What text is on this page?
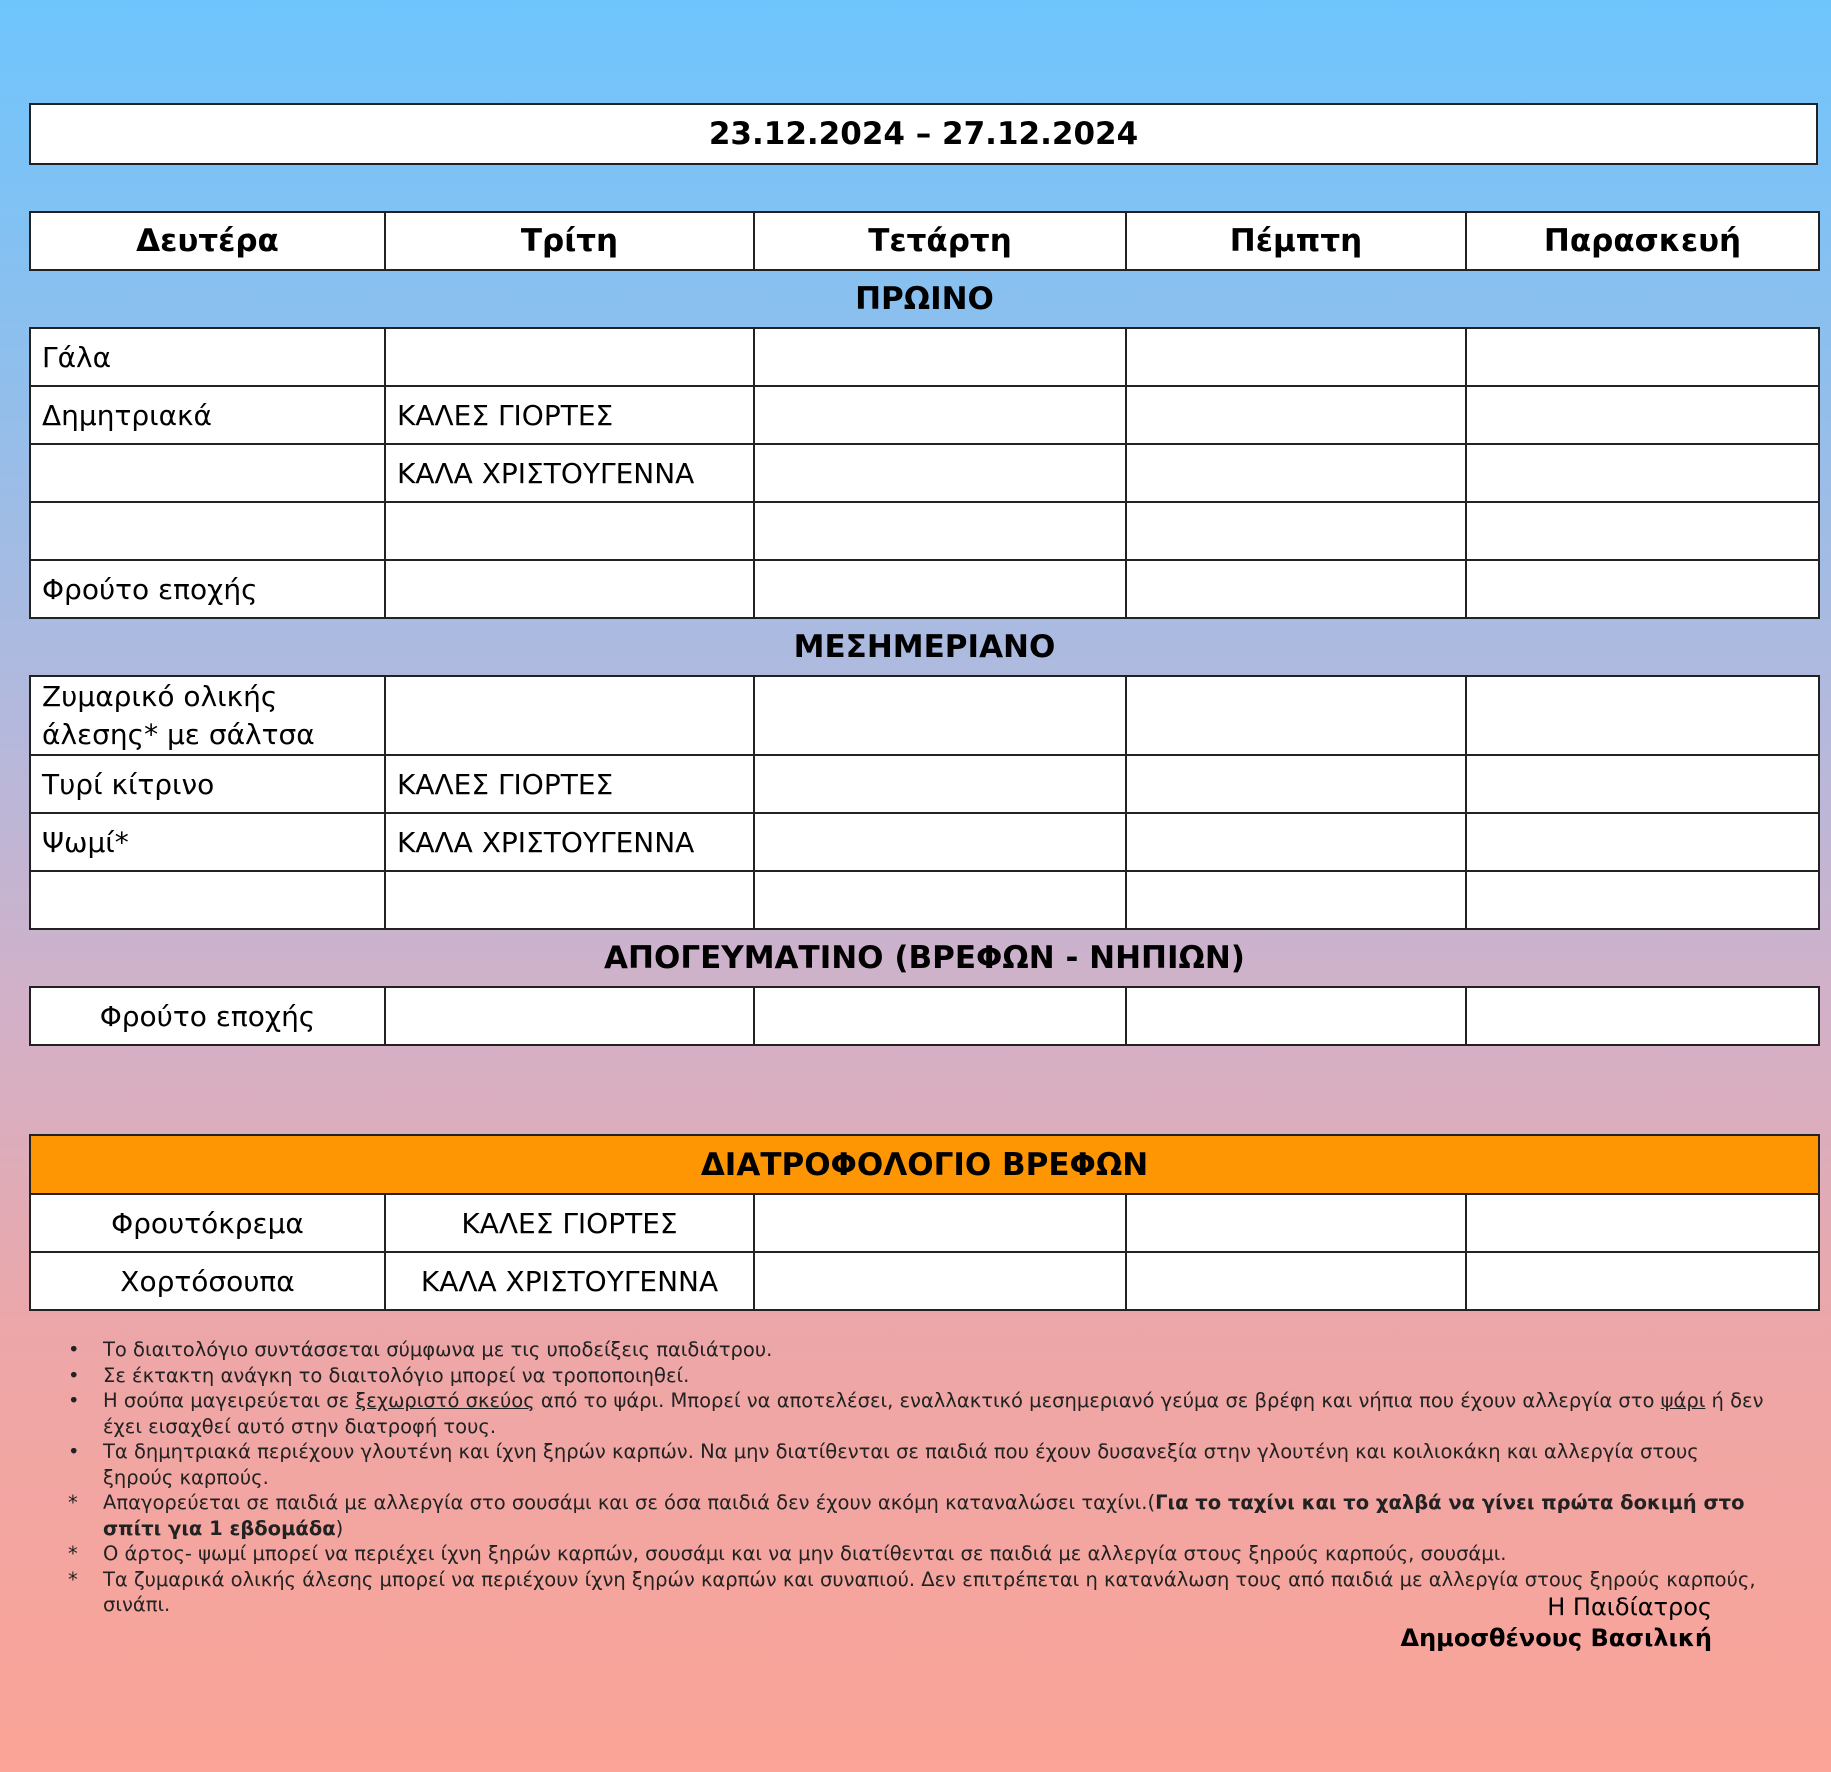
23.12.2024 – 27.12.2024
Δευτέρα	Τρίτη	Τετάρτη	Πέμπτη	Παρασκευή
ΠΡΩΙΝΟ				
Γάλα				
Δημητριακά	ΚΑΛΕΣ ΓΙΟΡΤΕΣ			
	ΚΑΛΑ ΧΡΙΣΤΟΥΓΕΝΝΑ			

Φρούτο εποχής				
ΜΕΣΗΜΕΡΙΑΝΟ				
Ζυμαρικό ολικής άλεσης* με σάλτσα				
Τυρί κίτρινο	ΚΑΛΕΣ ΓΙΟΡΤΕΣ			
Ψωμί*	ΚΑΛΑ ΧΡΙΣΤΟΥΓΕΝΝΑ			

ΑΠΟΓΕΥΜΑΤΙΝΟ (ΒΡΕΦΩΝ - ΝΗΠΙΩΝ)				
Φρούτο εποχής				
ΔΙΑΤΡΟΦΟΛΟΓΙΟ ΒΡΕΦΩΝ				
Φρουτόκρεμα	ΚΑΛΕΣ ΓΙΟΡΤΕΣ			
Χορτόσουπα	ΚΑΛΑ ΧΡΙΣΤΟΥΓΕΝΝΑ			
• Το διαιτολόγιο συντάσσεται σύμφωνα με τις υποδείξεις παιδιάτρου.
• Σε έκτακτη ανάγκη το διαιτολόγιο μπορεί να τροποποιηθεί.
• Η σούπα μαγειρεύεται σε ξεχωριστό σκεύος από το ψάρι. Μπορεί να αποτελέσει, εναλλακτικό μεσημεριανό γεύμα σε βρέφη και νήπια που έχουν αλλεργία στο ψάρι ή δεν έχει εισαχθεί αυτό στην διατροφή τους.
• Τα δημητριακά περιέχουν γλουτένη και ίχνη ξηρών καρπών. Να μην διατίθενται σε παιδιά που έχουν δυσανεξία στην γλουτένη και κοιλιοκάκη και αλλεργία στους ξηρούς καρπούς.
* Απαγορεύεται σε παιδιά με αλλεργία στο σουσάμι και σε όσα παιδιά δεν έχουν ακόμη καταναλώσει ταχίνι.(Για το ταχίνι και το χαλβά να γίνει πρώτα δοκιμή στο σπίτι για 1 εβδομάδα)
* Ο άρτος- ψωμί μπορεί να περιέχει ίχνη ξηρών καρπών, σουσάμι και να μην διατίθενται σε παιδιά με αλλεργία στους ξηρούς καρπούς, σουσάμι.
* Τα ζυμαρικά ολικής άλεσης μπορεί να περιέχουν ίχνη ξηρών καρπών και συναπιού. Δεν επιτρέπεται η κατανάλωση τους από παιδιά με αλλεργία στους ξηρούς καρπούς, σινάπι.	Η Παιδίατρος
Δημοσθένους Βασιλική
